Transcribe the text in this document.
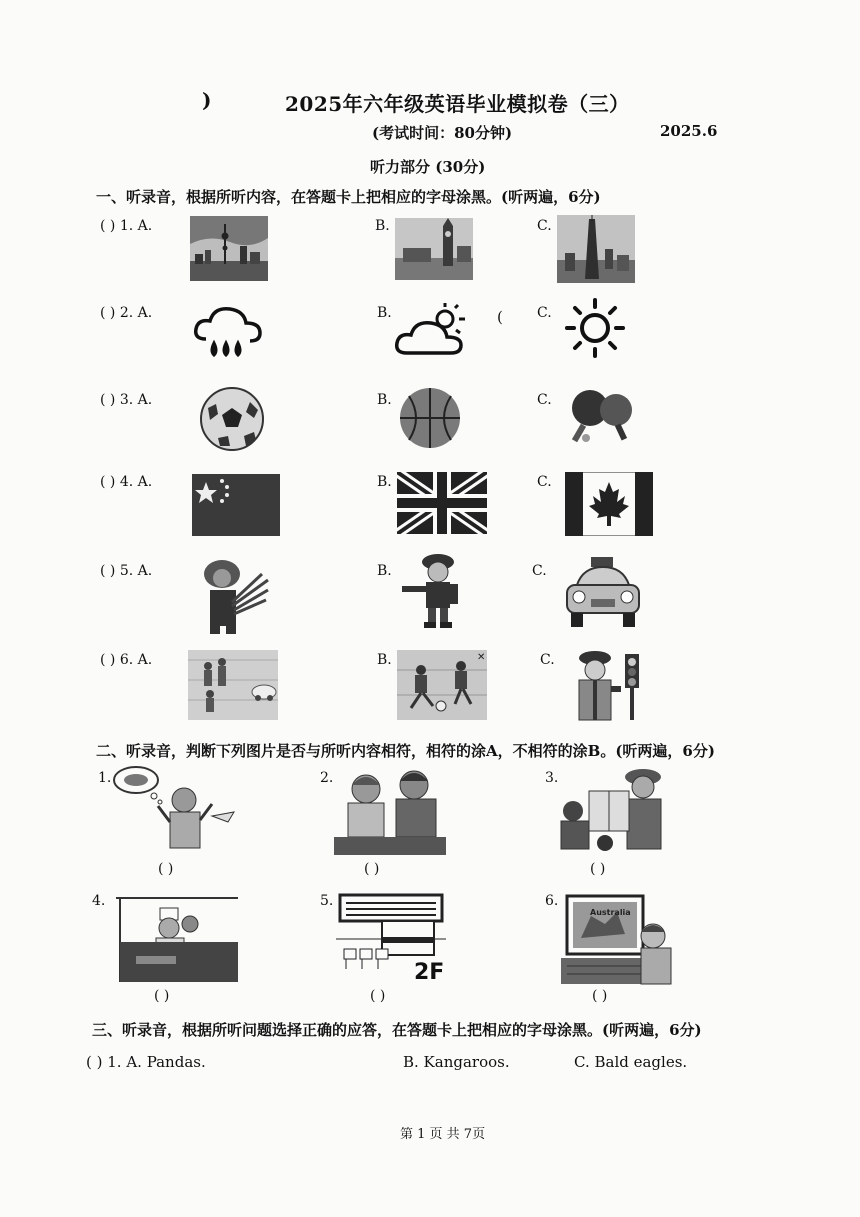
)	2025年六年级英语毕业模拟卷（三）
(考试时间：80分钟)	2025.6
听力部分 (30分)
一、听录音，根据所听内容，在答题卡上把相应的字母涂黑。(听两遍，6分)
( ) 1. A.	B.	C.
( ) 2. A.	B.	( C.
( ) 3. A.	B.	C.
( ) 4. A.	B.	C.
( ) 5. A.	B.	C.
( ) 6. A.	B.	✕	C.
二、听录音，判断下列图片是否与所听内容相符，相符的涂A，不相符的涂B。(听两遍，6分)
1.
( )
2.
( )
3.
( )
4.
( )
5.
2F
( )
6.
Australia
( )
三、听录音，根据所听问题选择正确的应答，在答题卡上把相应的字母涂黑。(听两遍，6分)
( ) 1. A. Pandas.	B. Kangaroos.	C. Bald eagles.
第 1 页 共 7页
